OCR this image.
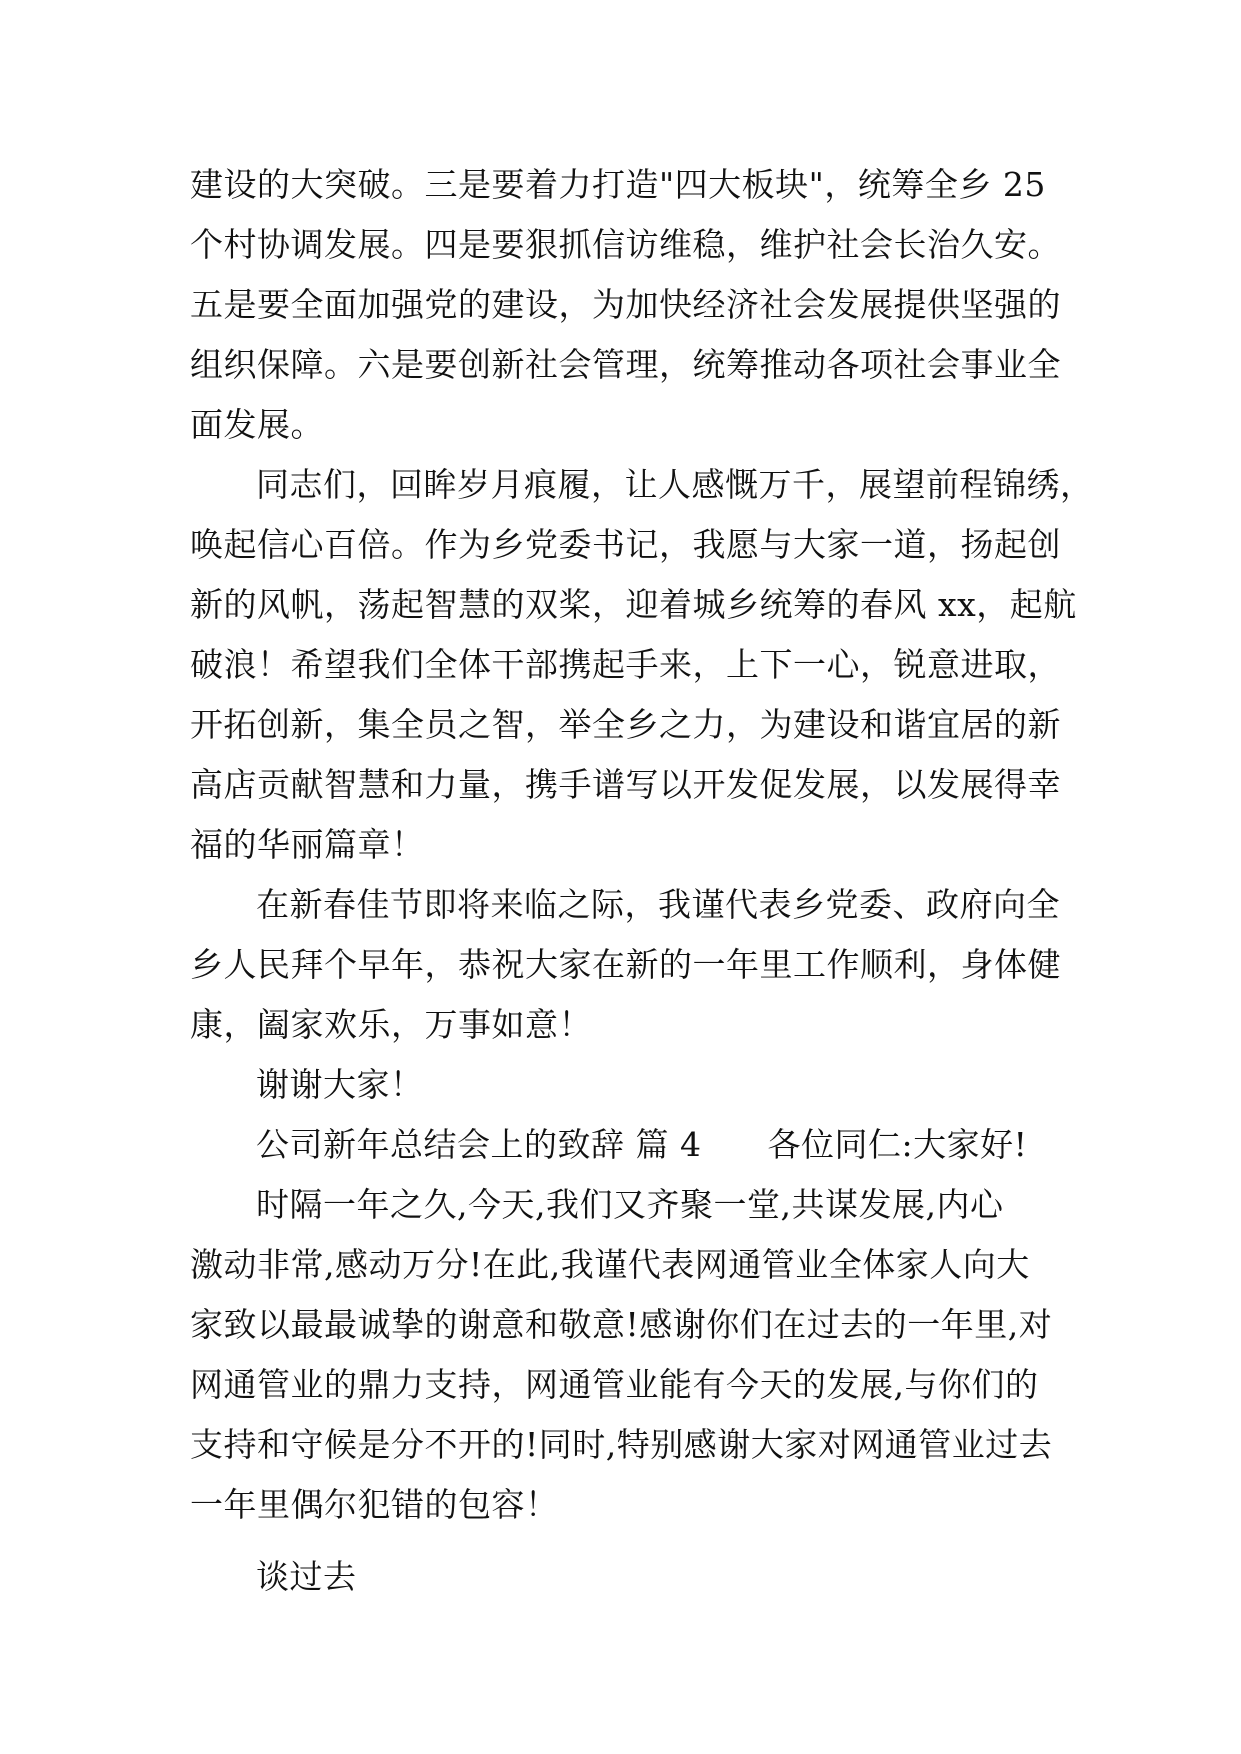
建设的大突破。三是要着力打造"四大板块"，统筹全乡 25
个村协调发展。四是要狠抓信访维稳，维护社会长治久安。
五是要全面加强党的建设，为加快经济社会发展提供坚强的
组织保障。六是要创新社会管理，统筹推动各项社会事业全
面发展。
同志们，回眸岁月痕履，让人感慨万千，展望前程锦绣，
唤起信心百倍。作为乡党委书记，我愿与大家一道，扬起创
新的风帆，荡起智慧的双桨，迎着城乡统筹的春风 xx，起航
破浪！希望我们全体干部携起手来，上下一心，锐意进取，
开拓创新，集全员之智，举全乡之力，为建设和谐宜居的新
高店贡献智慧和力量，携手谱写以开发促发展，以发展得幸
福的华丽篇章！
在新春佳节即将来临之际，我谨代表乡党委、政府向全
乡人民拜个早年，恭祝大家在新的一年里工作顺利，身体健
康，阖家欢乐，万事如意！
谢谢大家！
公司新年总结会上的致辞 篇 4 各位同仁:大家好!
时隔一年之久,今天,我们又齐聚一堂,共谋发展,内心
激动非常,感动万分!在此,我谨代表网通管业全体家人向大
家致以最最诚挚的谢意和敬意!感谢你们在过去的一年里,对
网通管业的鼎力支持，网通管业能有今天的发展,与你们的
支持和守候是分不开的!同时,特别感谢大家对网通管业过去
一年里偶尔犯错的包容！
谈过去
